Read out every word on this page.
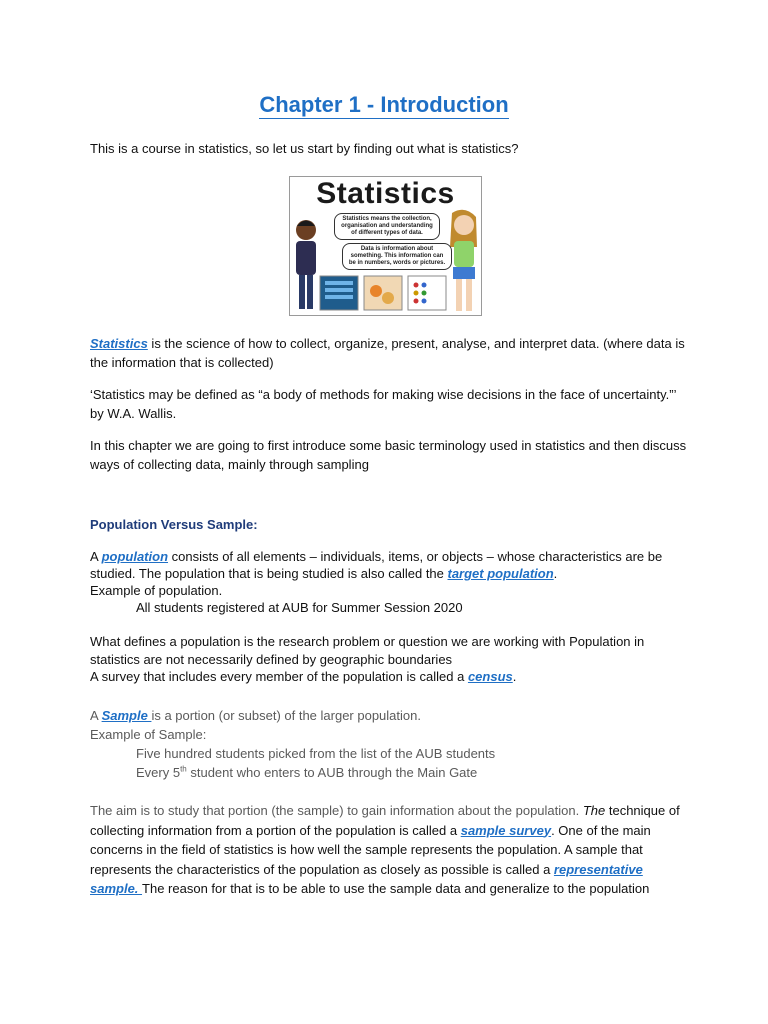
Chapter 1 - Introduction
This is a course in statistics, so let us start by finding out what is statistics?
Statistics
Statistics means the collection, organisation and understanding of different types of data.
Data is information about something. This information can be in numbers, words or pictures.
Statistics is the science of how to collect, organize, present, analyse, and interpret data. (where data is the information that is collected)
‘Statistics may be defined as “a body of methods for making wise decisions in the face of uncertainty.”’ by W.A. Wallis.
In this chapter we are going to first introduce some basic terminology used in statistics and then discuss ways of collecting data, mainly through sampling
Population Versus Sample:
A population consists of all elements – individuals, items, or objects – whose characteristics are be studied. The population that is being studied is also called the target population.
Example of population.
All students registered at AUB for Summer Session 2020
What defines a population is the research problem or question we are working with Population in statistics are not necessarily defined by geographic boundaries
A survey that includes every member of the population is called a census.
A Sample is a portion (or subset) of the larger population.
Example of Sample:
Five hundred students picked from the list of the AUB students
Every 5th student who enters to AUB through the Main Gate
The aim is to study that portion (the sample) to gain information about the population. The technique of collecting information from a portion of the population is called a sample survey. One of the main concerns in the field of statistics is how well the sample represents the population. A sample that represents the characteristics of the population as closely as possible is called a representative sample. The reason for that is to be able to use the sample data and generalize to the population
